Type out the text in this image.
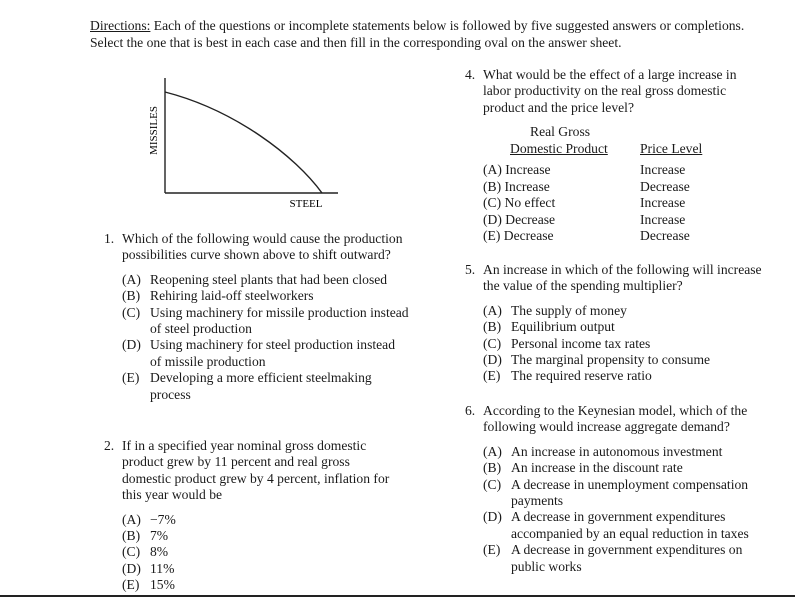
Directions: Each of the questions or incomplete statements below is followed by five suggested answers or completions. Select the one that is best in each case and then fill in the corresponding oval on the answer sheet.
MISSILES
STEEL
1. Which of the following would cause the production possibilities curve shown above to shift outward?
(A) Reopening steel plants that had been closed
(B) Rehiring laid-off steelworkers
(C) Using machinery for missile production instead of steel production
(D) Using machinery for steel production instead of missile production
(E) Developing a more efficient steelmaking process
2. If in a specified year nominal gross domestic product grew by 11 percent and real gross domestic product grew by 4 percent, inflation for this year would be
(A) −7%
(B) 7%
(C) 8%
(D) 11%
(E) 15%
4. What would be the effect of a large increase in labor productivity on the real gross domestic product and the price level?
Real Gross
Domestic Product Price Level
(A) Increase	Increase
(B) Increase	Decrease
(C) No effect	Increase
(D) Decrease	Increase
(E) Decrease	Decrease
5. An increase in which of the following will increase the value of the spending multiplier?
(A) The supply of money
(B) Equilibrium output
(C) Personal income tax rates
(D) The marginal propensity to consume
(E) The required reserve ratio
6. According to the Keynesian model, which of the following would increase aggregate demand?
(A) An increase in autonomous investment
(B) An increase in the discount rate
(C) A decrease in unemployment compensation payments
(D) A decrease in government expenditures accompanied by an equal reduction in taxes
(E) A decrease in government expenditures on public works
